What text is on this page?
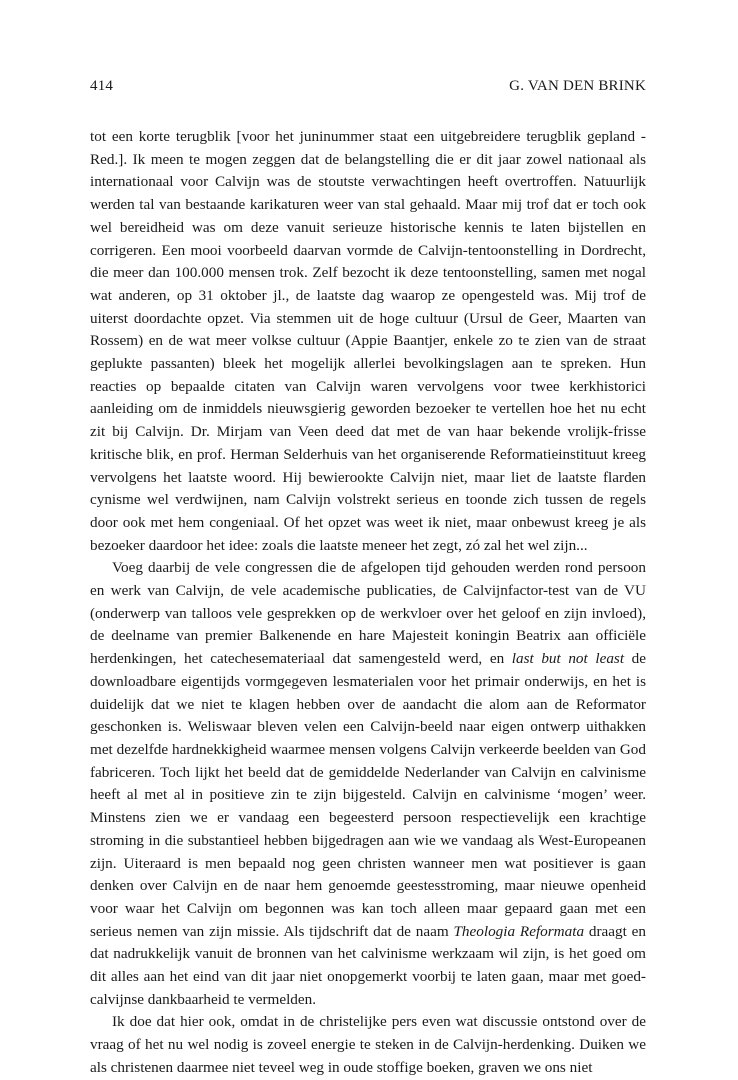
414	G. VAN DEN BRINK

tot een korte terugblik [voor het juninummer staat een uitgebreidere terugblik gepland - Red.]. Ik meen te mogen zeggen dat de belangstelling die er dit jaar zowel nationaal als internationaal voor Calvijn was de stoutste verwachtingen heeft overtroffen. Natuurlijk werden tal van bestaande karikaturen weer van stal gehaald. Maar mij trof dat er toch ook wel bereidheid was om deze vanuit serieuze historische kennis te laten bijstellen en corrigeren. Een mooi voorbeeld daarvan vormde de Calvijn-tentoonstelling in Dordrecht, die meer dan 100.000 mensen trok. Zelf bezocht ik deze tentoonstelling, samen met nogal wat anderen, op 31 oktober jl., de laatste dag waarop ze opengesteld was. Mij trof de uiterst doordachte opzet. Via stemmen uit de hoge cultuur (Ursul de Geer, Maarten van Rossem) en de wat meer volkse cultuur (Appie Baantjer, enkele zo te zien van de straat geplukte passanten) bleek het mogelijk allerlei bevolkingslagen aan te spreken. Hun reacties op bepaalde citaten van Calvijn waren vervolgens voor twee kerkhistorici aanleiding om de inmiddels nieuwsgierig geworden bezoeker te vertellen hoe het nu echt zit bij Calvijn. Dr. Mirjam van Veen deed dat met de van haar bekende vrolijk-frisse kritische blik, en prof. Herman Selderhuis van het organiserende Reformatieinstituut kreeg vervolgens het laatste woord. Hij bewierookte Calvijn niet, maar liet de laatste flarden cynisme wel verdwijnen, nam Calvijn volstrekt serieus en toonde zich tussen de regels door ook met hem congeniaal. Of het opzet was weet ik niet, maar onbewust kreeg je als bezoeker daardoor het idee: zoals die laatste meneer het zegt, zó zal het wel zijn...

Voeg daarbij de vele congressen die de afgelopen tijd gehouden werden rond persoon en werk van Calvijn, de vele academische publicaties, de Calvijnfactor-test van de VU (onderwerp van talloos vele gesprekken op de werkvloer over het geloof en zijn invloed), de deelname van premier Balkenende en hare Majesteit koningin Beatrix aan officiële herdenkingen, het catechesemateriaal dat samengesteld werd, en last but not least de downloadbare eigentijds vormgegeven lesmaterialen voor het primair onderwijs, en het is duidelijk dat we niet te klagen hebben over de aandacht die alom aan de Reformator geschonken is. Weliswaar bleven velen een Calvijn-beeld naar eigen ontwerp uithakken met dezelfde hardnekkigheid waarmee mensen volgens Calvijn verkeerde beelden van God fabriceren. Toch lijkt het beeld dat de gemiddelde Nederlander van Calvijn en calvinisme heeft al met al in positieve zin te zijn bijgesteld. Calvijn en calvinisme ‘mogen’ weer. Minstens zien we er vandaag een begeesterd persoon respectievelijk een krachtige stroming in die substantieel hebben bijgedragen aan wie we vandaag als West-Europeanen zijn. Uiteraard is men bepaald nog geen christen wanneer men wat positiever is gaan denken over Calvijn en de naar hem genoemde geestesstroming, maar nieuwe openheid voor waar het Calvijn om begonnen was kan toch alleen maar gepaard gaan met een serieus nemen van zijn missie. Als tijdschrift dat de naam Theologia Reformata draagt en dat nadrukkelijk vanuit de bronnen van het calvinisme werkzaam wil zijn, is het goed om dit alles aan het eind van dit jaar niet onopgemerkt voorbij te laten gaan, maar met goed-calvijnse dankbaarheid te vermelden.

Ik doe dat hier ook, omdat in de christelijke pers even wat discussie ontstond over de vraag of het nu wel nodig is zoveel energie te steken in de Calvijn-herdenking. Duiken we als christenen daarmee niet teveel weg in oude stoffige boeken, graven we ons niet
